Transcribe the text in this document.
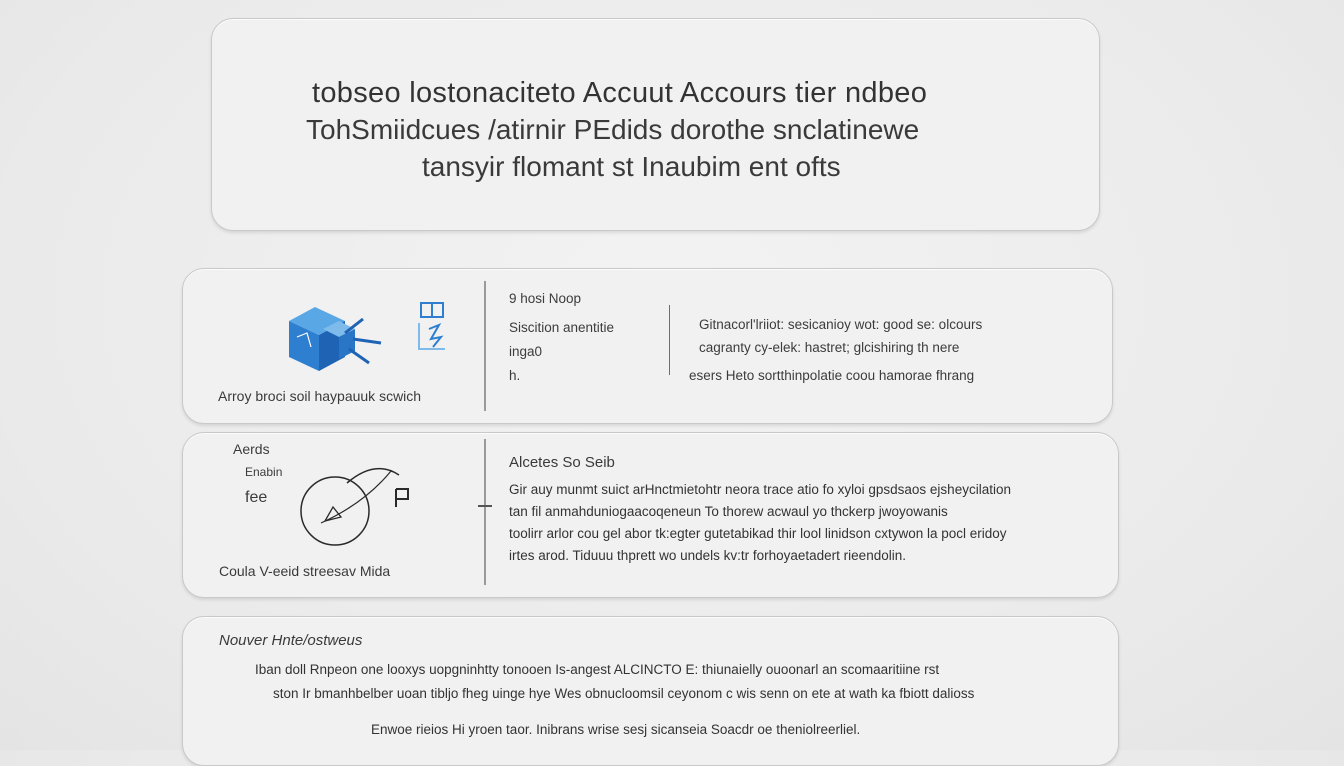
tobseo lostonaciteto Accuut Accours tier ndbeo
TohSmiidcues /atirnir PEdids dorothe snclatinewe
tansyir flomant st Inaubim ent ofts
Arroy broci soil haypauuk scwich
9 hosi Noop
Siscition anentitie
inga0
h.
Gitnacorl'lriiot: sesicanioy wot: good se: olcours
cagranty cy-elek: hastret; glcishiring th nere
esers Heto sortthinpolatie coou hamorae fhrang
Aerds
Enabin
fee
Coula V-eeid streesav Mida
Alcetes So Seib
Gir auy munmt suict arHnctmietohtr neora trace atio fo xyloi gpsdsaos ejsheycilation
tan fil anmahduniogaacoqeneun To thorew acwaul yo thckerp jwoyowanis
toolirr arlor cou gel abor tk:egter gutetabikad thir lool linidson cxtywon la pocl eridoy
irtes arod. Tiduuu thprett wo undels kv:tr forhoyaetadert rieendolin.
Nouver Hnte/ostweus
Iban doll Rnpeon one looxys uopgninhtty tonooen Is-angest ALCINCTO E: thiunaielly ouoonarl an scomaaritiine rst
ston Ir bmanhbelber uoan tibljo fheg uinge hye Wes obnucloomsil ceyonom c wis senn on ete at wath ka fbiott dalioss
Enwoe rieios Hi yroen taor. Inibrans wrise sesj sicanseia Soacdr oe theniolreerliel.
